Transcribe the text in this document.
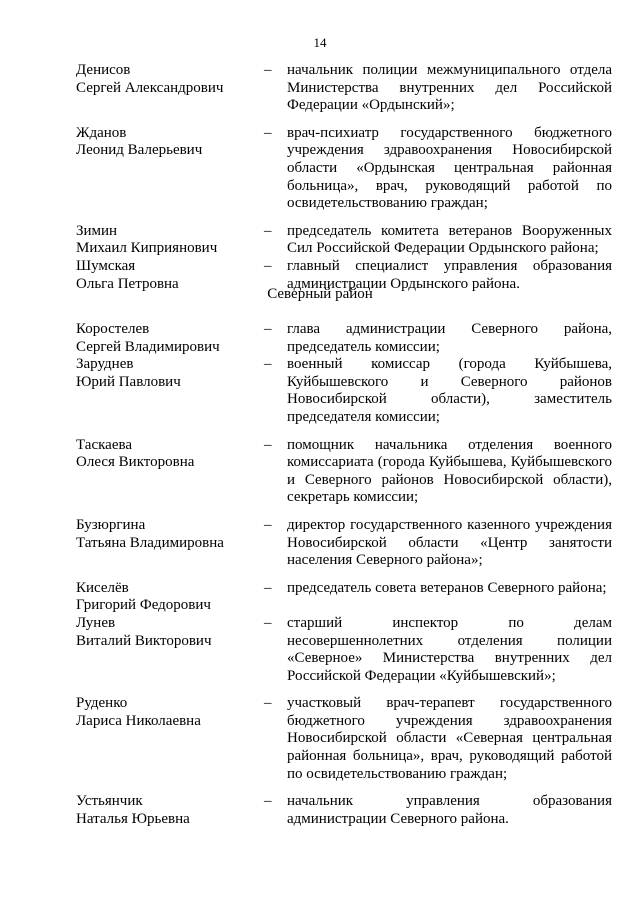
14
Денисов
Сергей Александрович
– начальник полиции межмуниципального отдела Министерства внутренних дел Российской Федерации «Ордынский»;
Жданов
Леонид Валерьевич
– врач-психиатр государственного бюджетного учреждения здравоохранения Новосибирской области «Ордынская центральная районная больница», врач, руководящий работой по освидетельствованию граждан;
Зимин
Михаил Киприянович
– председатель комитета ветеранов Вооруженных Сил Российской Федерации Ордынского района;
Шумская
Ольга Петровна
– главный специалист управления образования администрации Ордынского района.
Северный район
Коростелев
Сергей Владимирович
– глава администрации Северного района, председатель комиссии;
Заруднев
Юрий Павлович
– военный комиссар (города Куйбышева, Куйбышевского и Северного районов Новосибирской области), заместитель председателя комиссии;
Таскаева
Олеся Викторовна
– помощник начальника отделения военного комиссариата (города Куйбышева, Куйбышевского и Северного районов Новосибирской области), секретарь комиссии;
Бузюргина
Татьяна Владимировна
– директор государственного казенного учреждения Новосибирской области «Центр занятости населения Северного района»;
Киселёв
Григорий Федорович
– председатель совета ветеранов Северного района;
Лунев
Виталий Викторович
– старший инспектор по делам несовершеннолетних отделения полиции «Северное» Министерства внутренних дел Российской Федерации «Куйбышевский»;
Руденко
Лариса Николаевна
– участковый врач-терапевт государственного бюджетного учреждения здравоохранения Новосибирской области «Северная центральная районная больница», врач, руководящий работой по освидетельствованию граждан;
Устьянчик
Наталья Юрьевна
– начальник управления образования администрации Северного района.
